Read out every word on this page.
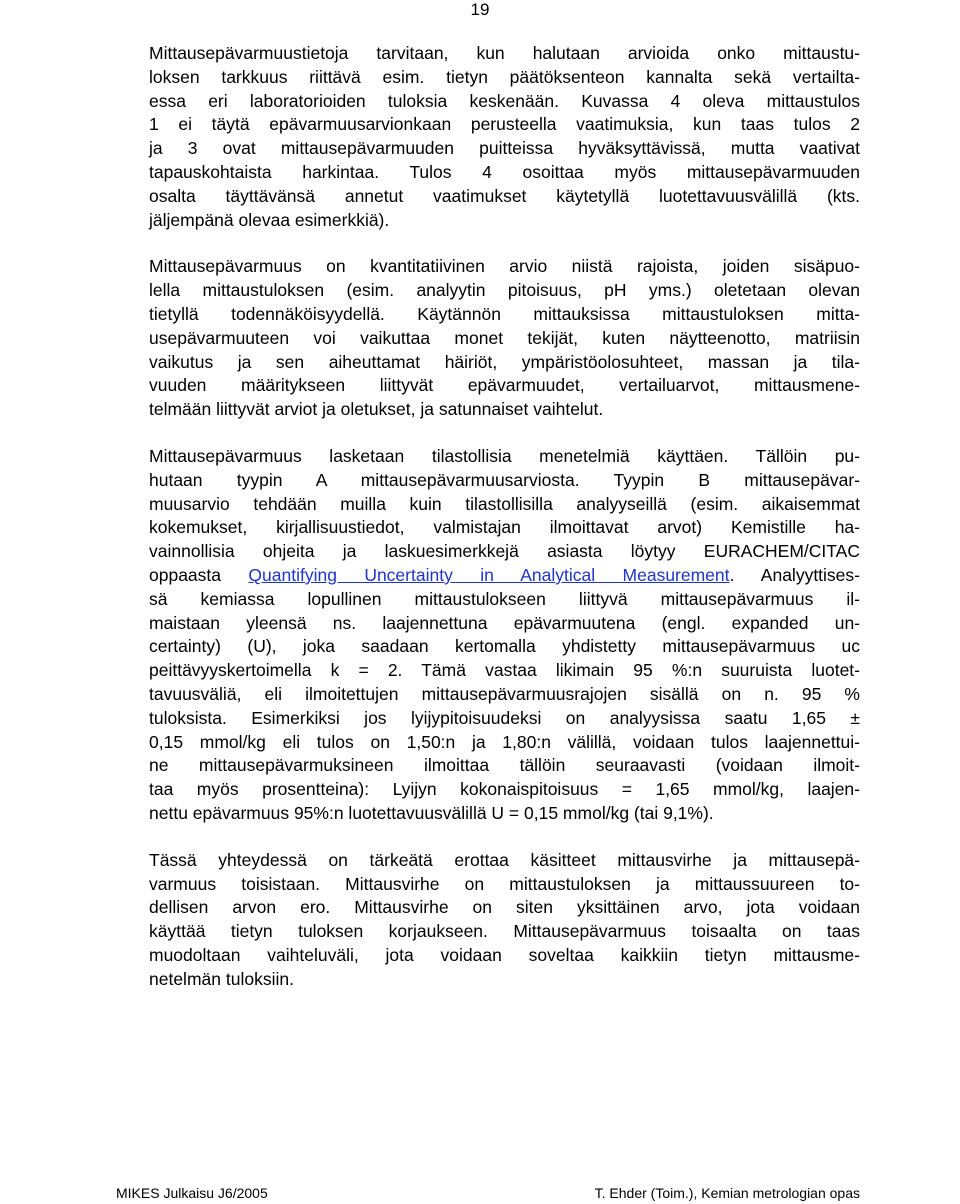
19
Mittausepävarmuustietoja tarvitaan, kun halutaan arvioida onko mittaustu-
loksen tarkkuus riittävä esim. tietyn päätöksenteon kannalta sekä vertailta-
essa eri laboratorioiden tuloksia keskenään. Kuvassa 4 oleva mittaustulos
1 ei täytä epävarmuusarvionkaan perusteella vaatimuksia, kun taas tulos 2
ja 3 ovat mittausepävarmuuden puitteissa hyväksyttävissä, mutta vaativat
tapauskohtaista harkintaa. Tulos 4 osoittaa myös mittausepävarmuuden
osalta täyttävänsä annetut vaatimukset käytetyllä luotettavuusvälillä (kts.
jäljempänä olevaa esimerkkiä).
Mittausepävarmuus on kvantitatiivinen arvio niistä rajoista, joiden sisäpuo-
lella mittaustuloksen (esim. analyytin pitoisuus, pH yms.) oletetaan olevan
tietyllä todennäköisyydellä. Käytännön mittauksissa mittaustuloksen mitta-
usepävarmuuteen voi vaikuttaa monet tekijät, kuten näytteenotto, matriisin
vaikutus ja sen aiheuttamat häiriöt, ympäristöolosuhteet, massan ja tila-
vuuden määritykseen liittyvät epävarmuudet, vertailuarvot, mittausmene-
telmään liittyvät arviot ja oletukset, ja satunnaiset vaihtelut.
Mittausepävarmuus lasketaan tilastollisia menetelmiä käyttäen. Tällöin pu-
hutaan tyypin A mittausepävarmuusarviosta. Tyypin B mittausepävar-
muusarvio tehdään muilla kuin tilastollisilla analyyseillä (esim. aikaisemmat
kokemukset, kirjallisuustiedot, valmistajan ilmoittavat arvot) Kemistille ha-
vainnollisia ohjeita ja laskuesimerkkejä asiasta löytyy EURACHEM/CITAC
oppaasta Quantifying Uncertainty in Analytical Measurement. Analyyttises-
sä kemiassa lopullinen mittaustulokseen liittyvä mittausepävarmuus il-
maistaan yleensä ns. laajennettuna epävarmuutena (engl. expanded un-
certainty) (U), joka saadaan kertomalla yhdistetty mittausepävarmuus uc
peittävyyskertoimella k = 2. Tämä vastaa likimain 95 %:n suuruista luotet-
tavuusväliä, eli ilmoitettujen mittausepävarmuusrajojen sisällä on n. 95 %
tuloksista. Esimerkiksi jos lyijypitoisuudeksi on analyysissa saatu 1,65 ±
0,15 mmol/kg eli tulos on 1,50:n ja 1,80:n välillä, voidaan tulos laajennettui-
ne mittausepävarmuksineen ilmoittaa tällöin seuraavasti (voidaan ilmoit-
taa myös prosentteina): Lyijyn kokonaispitoisuus = 1,65 mmol/kg, laajen-
nettu epävarmuus 95%:n luotettavuusvälillä U = 0,15 mmol/kg (tai 9,1%).
Tässä yhteydessä on tärkeätä erottaa käsitteet mittausvirhe ja mittausepä-
varmuus toisistaan. Mittausvirhe on mittaustuloksen ja mittaussuureen to-
dellisen arvon ero. Mittausvirhe on siten yksittäinen arvo, jota voidaan
käyttää tietyn tuloksen korjaukseen. Mittausepävarmuus toisaalta on taas
muodoltaan vaihteluväli, jota voidaan soveltaa kaikkiin tietyn mittausme-
netelmän tuloksiin.
MIKES Julkaisu J6/2005	T. Ehder (Toim.), Kemian metrologian opas
